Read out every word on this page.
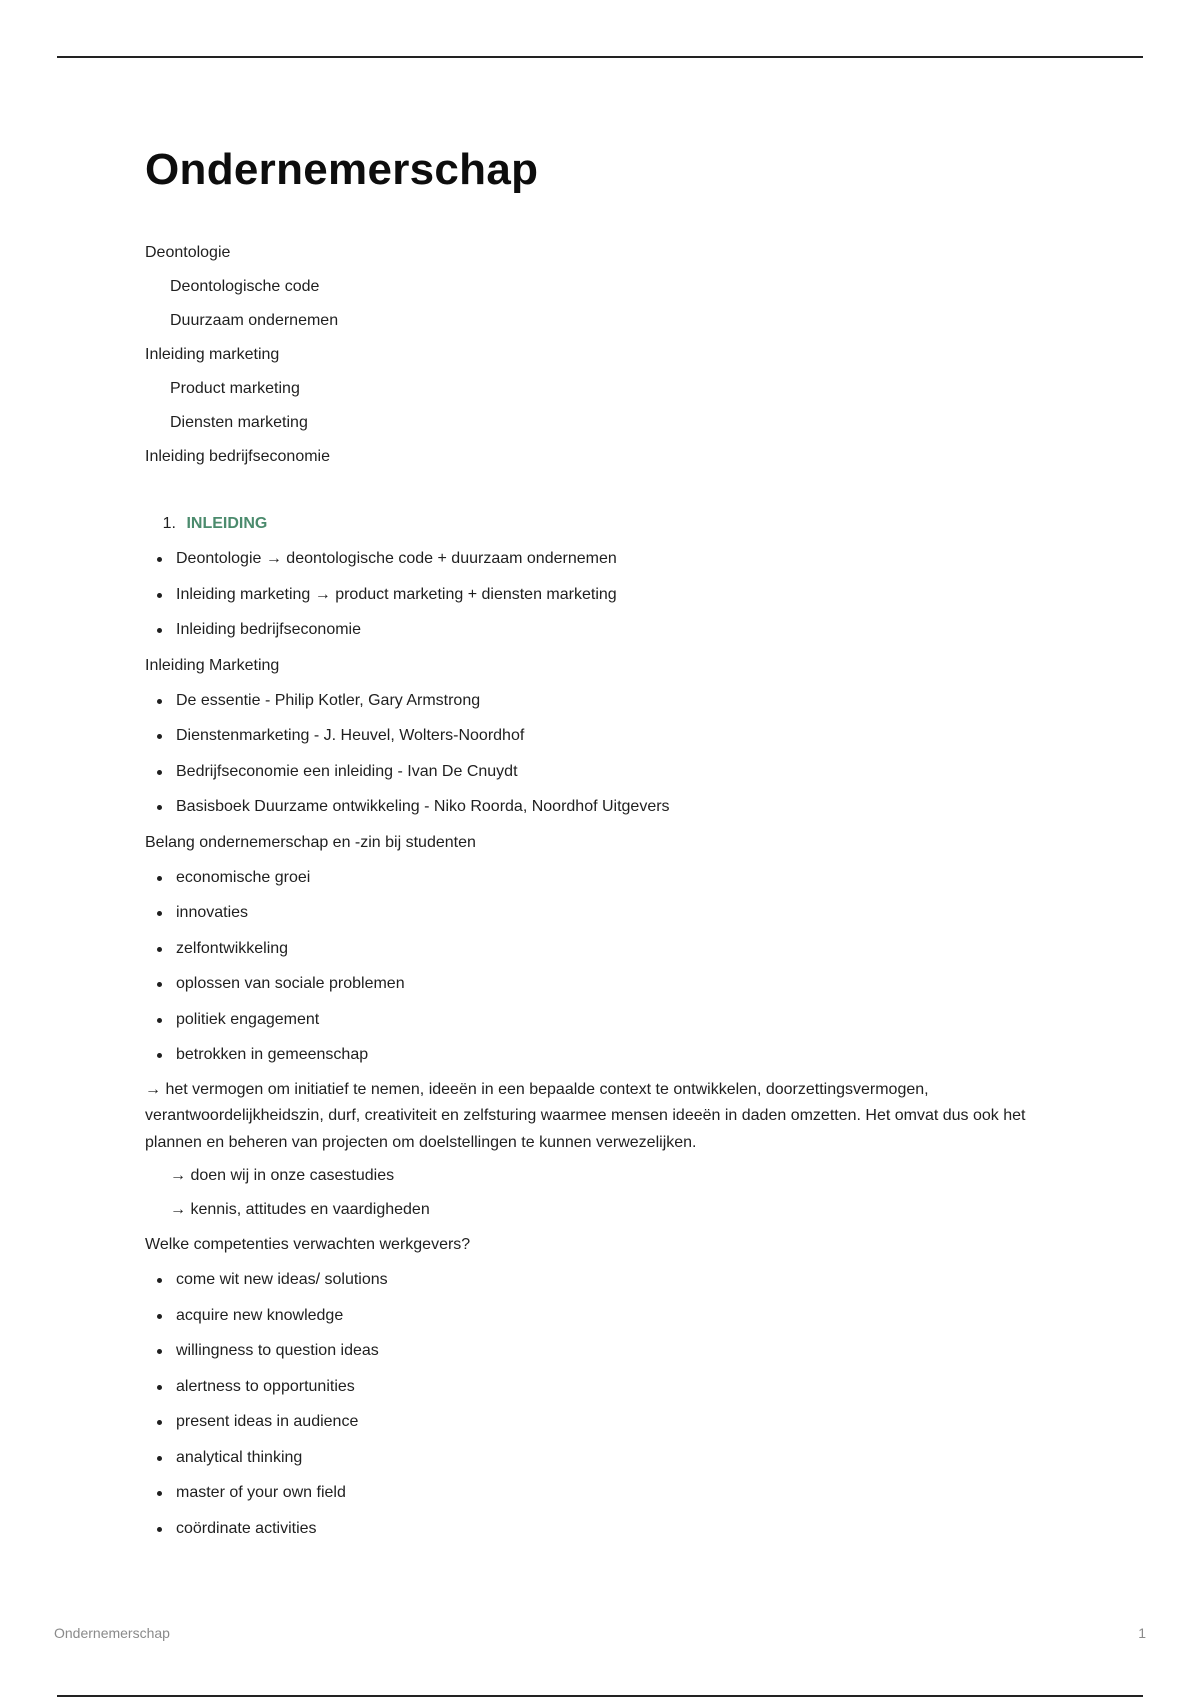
Ondernemerschap
Deontologie
Deontologische code
Duurzaam ondernemen
Inleiding marketing
Product marketing
Diensten marketing
Inleiding bedrijfseconomie
1. INLEIDING
Deontologie → deontologische code + duurzaam ondernemen
Inleiding marketing → product marketing + diensten marketing
Inleiding bedrijfseconomie

Inleiding Marketing

De essentie - Philip Kotler, Gary Armstrong
Dienstenmarketing - J. Heuvel, Wolters-Noordhof
Bedrijfseconomie een inleiding - Ivan De Cnuydt
Basisboek Duurzame ontwikkeling - Niko Roorda, Noordhof Uitgevers

Belang ondernemerschap en -zin bij studenten

economische groei
innovaties
zelfontwikkeling
oplossen van sociale problemen
politiek engagement
betrokken in gemeenschap

→ het vermogen om initiatief te nemen, ideeën in een bepaalde context te ontwikkelen, doorzettingsvermogen, verantwoordelijkheidszin, durf, creativiteit en zelfsturing waarmee mensen ideeën in daden omzetten. Het omvat dus ook het plannen en beheren van projecten om doelstellingen te kunnen verwezelijken.

→ doen wij in onze casestudies
→ kennis, attitudes en vaardigheden

Welke competenties verwachten werkgevers?

come wit new ideas/ solutions
acquire new knowledge
willingness to question ideas
alertness to opportunities
present ideas in audience
analytical thinking
master of your own field
coördinate activities
Ondernemerschap	1
